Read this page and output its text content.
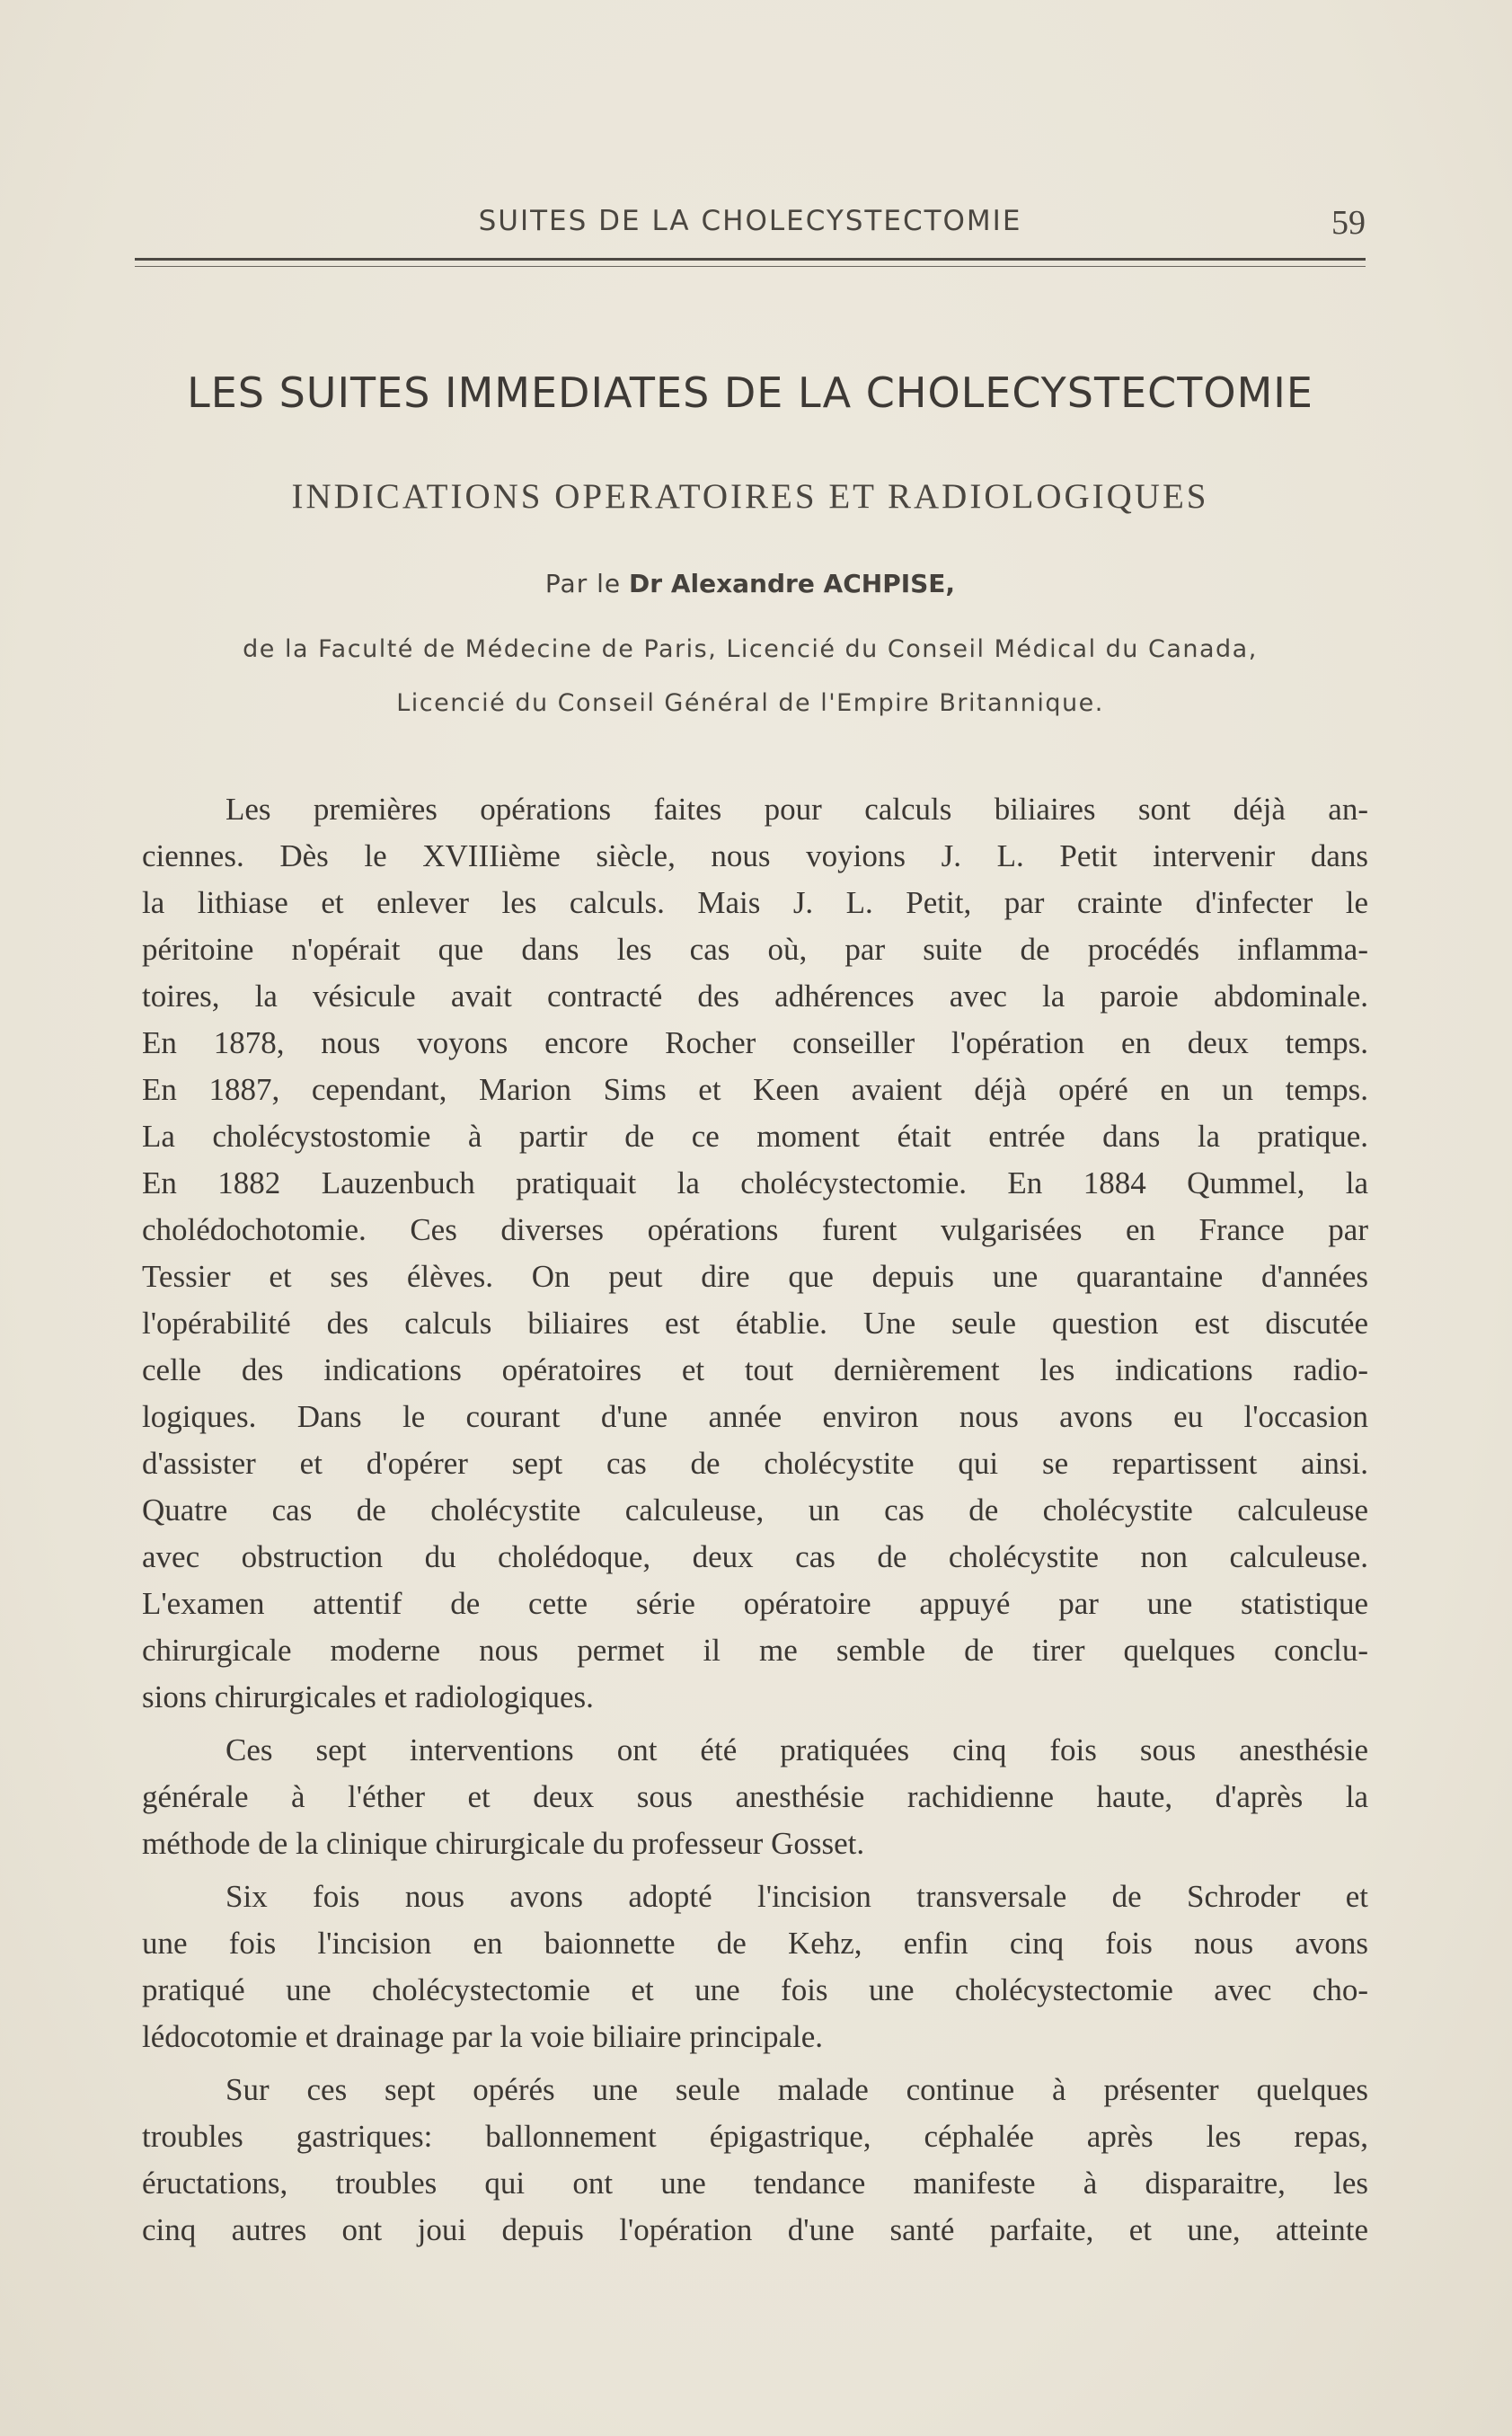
SUITES DE LA CHOLECYSTECTOMIE	59
LES SUITES IMMEDIATES DE LA CHOLECYSTECTOMIE
INDICATIONS OPERATOIRES ET RADIOLOGIQUES
Par le Dr Alexandre ACHPISE,
de la Faculté de Médecine de Paris, Licencié du Conseil Médical du Canada,
Licencié du Conseil Général de l'Empire Britannique.
Les premières opérations faites pour calculs biliaires sont déjà an-
ciennes. Dès le XVIIIième siècle, nous voyions J. L. Petit intervenir dans
la lithiase et enlever les calculs. Mais J. L. Petit, par crainte d'infecter le
péritoine n'opérait que dans les cas où, par suite de procédés inflamma-
toires, la vésicule avait contracté des adhérences avec la paroie abdominale.
En 1878, nous voyons encore Rocher conseiller l'opération en deux temps.
En 1887, cependant, Marion Sims et Keen avaient déjà opéré en un temps.
La cholécystostomie à partir de ce moment était entrée dans la pratique.
En 1882 Lauzenbuch pratiquait la cholécystectomie. En 1884 Qummel, la
cholédochotomie. Ces diverses opérations furent vulgarisées en France par
Tessier et ses élèves. On peut dire que depuis une quarantaine d'années
l'opérabilité des calculs biliaires est établie. Une seule question est discutée
celle des indications opératoires et tout dernièrement les indications radio-
logiques. Dans le courant d'une année environ nous avons eu l'occasion
d'assister et d'opérer sept cas de cholécystite qui se repartissent ainsi.
Quatre cas de cholécystite calculeuse, un cas de cholécystite calculeuse
avec obstruction du cholédoque, deux cas de cholécystite non calculeuse.
L'examen attentif de cette série opératoire appuyé par une statistique
chirurgicale moderne nous permet il me semble de tirer quelques conclu-
sions chirurgicales et radiologiques.
Ces sept interventions ont été pratiquées cinq fois sous anesthésie
générale à l'éther et deux sous anesthésie rachidienne haute, d'après la
méthode de la clinique chirurgicale du professeur Gosset.
Six fois nous avons adopté l'incision transversale de Schroder et
une fois l'incision en baionnette de Kehz, enfin cinq fois nous avons
pratiqué une cholécystectomie et une fois une cholécystectomie avec cho-
lédocotomie et drainage par la voie biliaire principale.
Sur ces sept opérés une seule malade continue à présenter quelques
troubles gastriques: ballonnement épigastrique, céphalée après les repas,
éructations, troubles qui ont une tendance manifeste à disparaitre, les
cinq autres ont joui depuis l'opération d'une santé parfaite, et une, atteinte
